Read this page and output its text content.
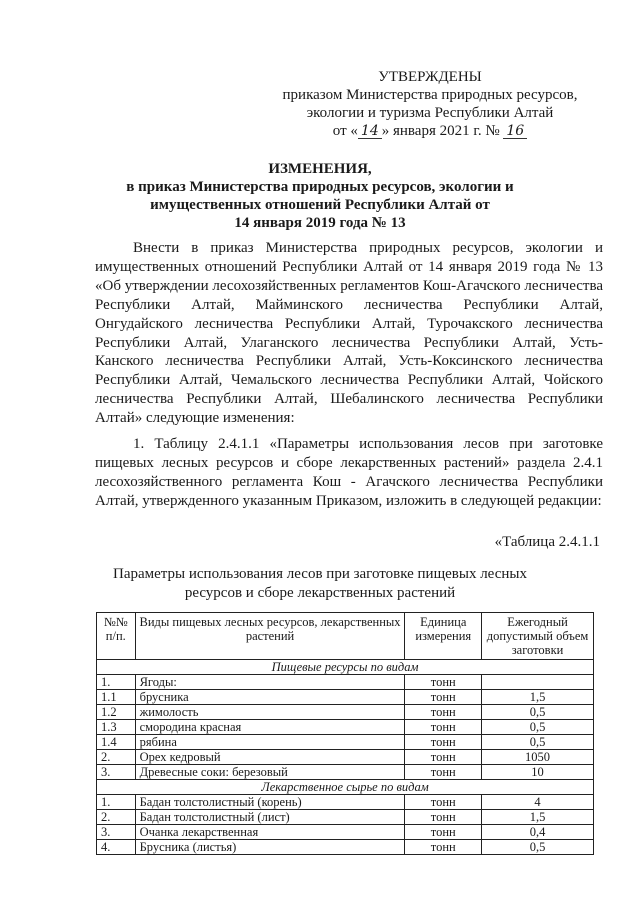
УТВЕРЖДЕНЫ
приказом Министерства природных ресурсов,
экологии и туризма Республики Алтай
от « 14 » января 2021 г. № 16
ИЗМЕНЕНИЯ,
в приказ Министерства природных ресурсов, экологии и
имущественных отношений Республики Алтай от
14 января 2019 года № 13
Внести в приказ Министерства природных ресурсов, экологии и имущественных отношений Республики Алтай от 14 января 2019 года № 13 «Об утверждении лесохозяйственных регламентов Кош-Агачского лесничества Республики Алтай, Майминского лесничества Республики Алтай, Онгудайского лесничества Республики Алтай, Турочакского лесничества Республики Алтай, Улаганского лесничества Республики Алтай, Усть-Канского лесничества Республики Алтай, Усть-Коксинского лесничества Республики Алтай, Чемальского лесничества Республики Алтай, Чойского лесничества Республики Алтай, Шебалинского лесничества Республики Алтай» следующие изменения:
1. Таблицу 2.4.1.1 «Параметры использования лесов при заготовке пищевых лесных ресурсов и сборе лекарственных растений» раздела 2.4.1 лесохозяйственного регламента Кош - Агачского лесничества Республики Алтай, утвержденного указанным Приказом, изложить в следующей редакции:
«Таблица 2.4.1.1
Параметры использования лесов при заготовке пищевых лесных ресурсов и сборе лекарственных растений
№№ п/п.	Виды пищевых лесных ресурсов, лекарственных растений	Единица измерения	Ежегодный допустимый объем заготовки
Пищевые ресурсы по видам			
1.	Ягоды:	тонн	
1.1	брусника	тонн	1,5
1.2	жимолость	тонн	0,5
1.3	смородина красная	тонн	0,5
1.4	рябина	тонн	0,5
2.	Орех кедровый	тонн	1050
3.	Древесные соки: березовый	тонн	10
Лекарственное сырье по видам			
1.	Бадан толстолистный (корень)	тонн	4
2.	Бадан толстолистный (лист)	тонн	1,5
3.	Очанка лекарственная	тонн	0,4
4.	Брусника (листья)	тонн	0,5
